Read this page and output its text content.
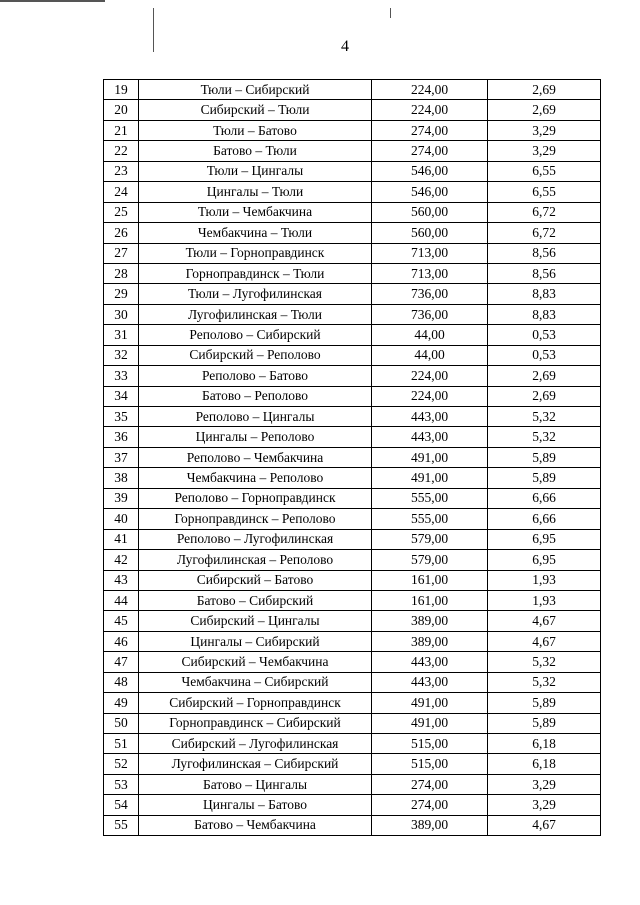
4
19	Тюли – Сибирский	224,00	2,69
20	Сибирский – Тюли	224,00	2,69
21	Тюли – Батово	274,00	3,29
22	Батово – Тюли	274,00	3,29
23	Тюли – Цингалы	546,00	6,55
24	Цингалы – Тюли	546,00	6,55
25	Тюли – Чембакчина	560,00	6,72
26	Чембакчина – Тюли	560,00	6,72
27	Тюли – Горноправдинск	713,00	8,56
28	Горноправдинск – Тюли	713,00	8,56
29	Тюли – Лугофилинская	736,00	8,83
30	Лугофилинская – Тюли	736,00	8,83
31	Реполово – Сибирский	44,00	0,53
32	Сибирский – Реполово	44,00	0,53
33	Реполово – Батово	224,00	2,69
34	Батово – Реполово	224,00	2,69
35	Реполово – Цингалы	443,00	5,32
36	Цингалы – Реполово	443,00	5,32
37	Реполово – Чембакчина	491,00	5,89
38	Чембакчина – Реполово	491,00	5,89
39	Реполово – Горноправдинск	555,00	6,66
40	Горноправдинск – Реполово	555,00	6,66
41	Реполово – Лугофилинская	579,00	6,95
42	Лугофилинская – Реполово	579,00	6,95
43	Сибирский – Батово	161,00	1,93
44	Батово – Сибирский	161,00	1,93
45	Сибирский – Цингалы	389,00	4,67
46	Цингалы – Сибирский	389,00	4,67
47	Сибирский – Чембакчина	443,00	5,32
48	Чембакчина – Сибирский	443,00	5,32
49	Сибирский – Горноправдинск	491,00	5,89
50	Горноправдинск – Сибирский	491,00	5,89
51	Сибирский – Лугофилинская	515,00	6,18
52	Лугофилинская – Сибирский	515,00	6,18
53	Батово – Цингалы	274,00	3,29
54	Цингалы – Батово	274,00	3,29
55	Батово – Чембакчина	389,00	4,67
